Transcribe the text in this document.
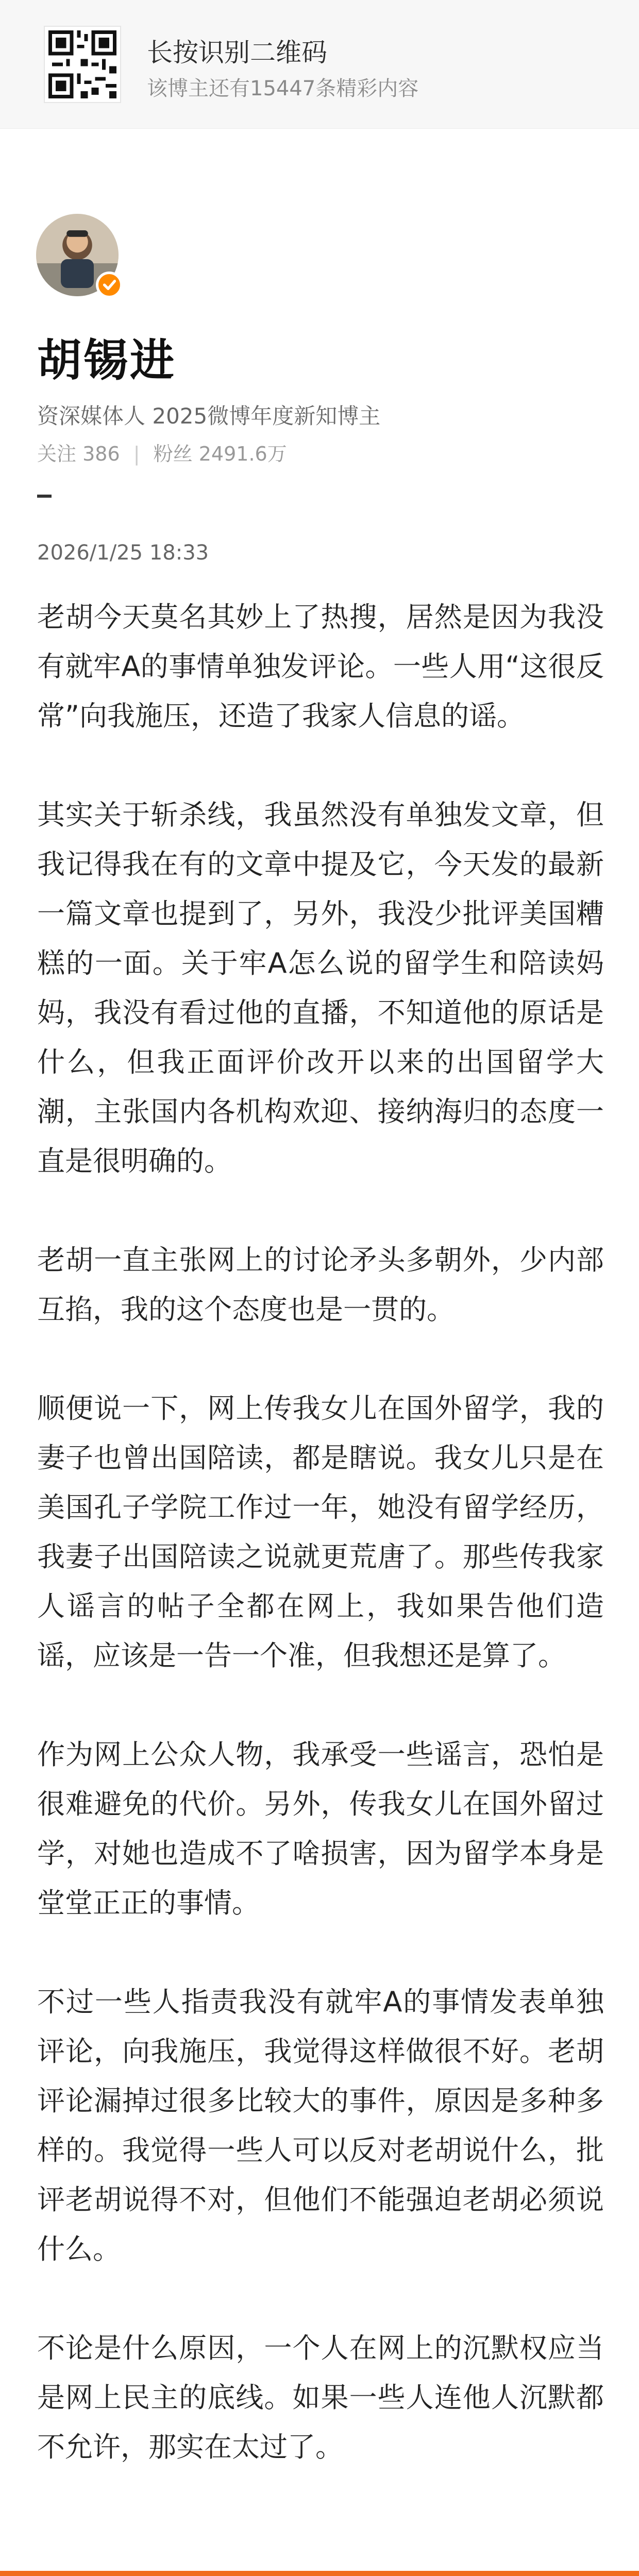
长按识别二维码
该博主还有15447条精彩内容
胡锡进
资深媒体人 2025微博年度新知博主
关注 386 | 粉丝 2491.6万
2026/1/25 18:33

老胡今天莫名其妙上了热搜，居然是因为我没有就牢A的事情单独发评论。一些人用“这很反常”向我施压，还造了我家人信息的谣。

其实关于斩杀线，我虽然没有单独发文章，但我记得我在有的文章中提及它，今天发的最新一篇文章也提到了，另外，我没少批评美国糟糕的一面。关于牢A怎么说的留学生和陪读妈妈，我没有看过他的直播，不知道他的原话是什么，但我正面评价改开以来的出国留学大潮，主张国内各机构欢迎、接纳海归的态度一直是很明确的。

老胡一直主张网上的讨论矛头多朝外，少内部互掐，我的这个态度也是一贯的。

顺便说一下，网上传我女儿在国外留学，我的妻子也曾出国陪读，都是瞎说。我女儿只是在美国孔子学院工作过一年，她没有留学经历，我妻子出国陪读之说就更荒唐了。那些传我家人谣言的帖子全都在网上，我如果告他们造谣，应该是一告一个准，但我想还是算了。

作为网上公众人物，我承受一些谣言，恐怕是很难避免的代价。另外，传我女儿在国外留过学，对她也造成不了啥损害，因为留学本身是堂堂正正的事情。

不过一些人指责我没有就牢A的事情发表单独评论，向我施压，我觉得这样做很不好。老胡评论漏掉过很多比较大的事件，原因是多种多样的。我觉得一些人可以反对老胡说什么，批评老胡说得不对，但他们不能强迫老胡必须说什么。

不论是什么原因，一个人在网上的沉默权应当是网上民主的底线。如果一些人连他人沉默都不允许，那实在太过了。
